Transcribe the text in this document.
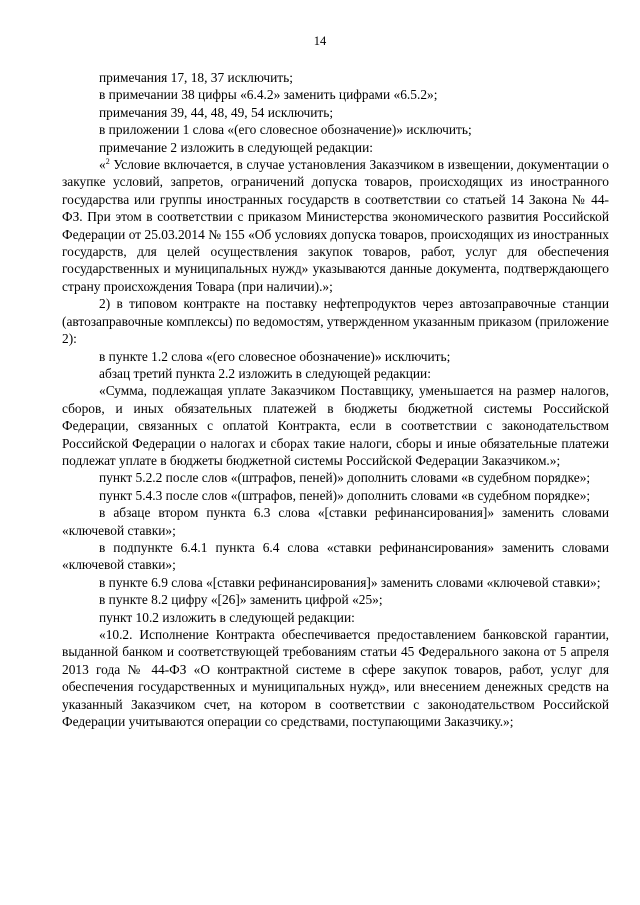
14

примечания 17, 18, 37 исключить;

в примечании 38 цифры «6.4.2» заменить цифрами «6.5.2»;

примечания 39, 44, 48, 49, 54 исключить;

в приложении 1 слова «(его словесное обозначение)» исключить;

примечание 2 изложить в следующей редакции:

«$^2$ Условие включается, в случае установления Заказчиком в извещении, документации о закупке условий, запретов, ограничений допуска товаров, происходящих из иностранного государства или группы иностранных государств в соответствии со статьей 14 Закона № 44-ФЗ. При этом в соответствии с приказом Министерства экономического развития Российской Федерации от 25.03.2014 № 155 «Об условиях допуска товаров, происходящих из иностранных государств, для целей осуществления закупок товаров, работ, услуг для обеспечения государственных и муниципальных нужд» указываются данные документа, подтверждающего страну происхождения Товара (при наличии).»;

2) в типовом контракте на поставку нефтепродуктов через автозаправочные станции (автозаправочные комплексы) по ведомостям, утвержденном указанным приказом (приложение 2):

в пункте 1.2 слова «(его словесное обозначение)» исключить;

абзац третий пункта 2.2 изложить в следующей редакции:

«Сумма, подлежащая уплате Заказчиком Поставщику, уменьшается на размер налогов, сборов, и иных обязательных платежей в бюджеты бюджетной системы Российской Федерации, связанных с оплатой Контракта, если в соответствии с законодательством Российской Федерации о налогах и сборах такие налоги, сборы и иные обязательные платежи подлежат уплате в бюджеты бюджетной системы Российской Федерации Заказчиком.»;

пункт 5.2.2 после слов «(штрафов, пеней)» дополнить словами «в судебном порядке»;

пункт 5.4.3 после слов «(штрафов, пеней)» дополнить словами «в судебном порядке»;

в абзаце втором пункта 6.3 слова «[ставки рефинансирования]» заменить словами «ключевой ставки»;

в подпункте 6.4.1 пункта 6.4 слова «ставки рефинансирования» заменить словами «ключевой ставки»;

в пункте 6.9 слова «[ставки рефинансирования]» заменить словами «ключевой ставки»;

в пункте 8.2 цифру «[26]» заменить цифрой «25»;

пункт 10.2 изложить в следующей редакции:

«10.2. Исполнение Контракта обеспечивается предоставлением банковской гарантии, выданной банком и соответствующей требованиям статьи 45 Федерального закона от 5 апреля 2013 года № 44-ФЗ «О контрактной системе в сфере закупок товаров, работ, услуг для обеспечения государственных и муниципальных нужд», или внесением денежных средств на указанный Заказчиком счет, на котором в соответствии с законодательством Российской Федерации учитываются операции со средствами, поступающими Заказчику.»;
